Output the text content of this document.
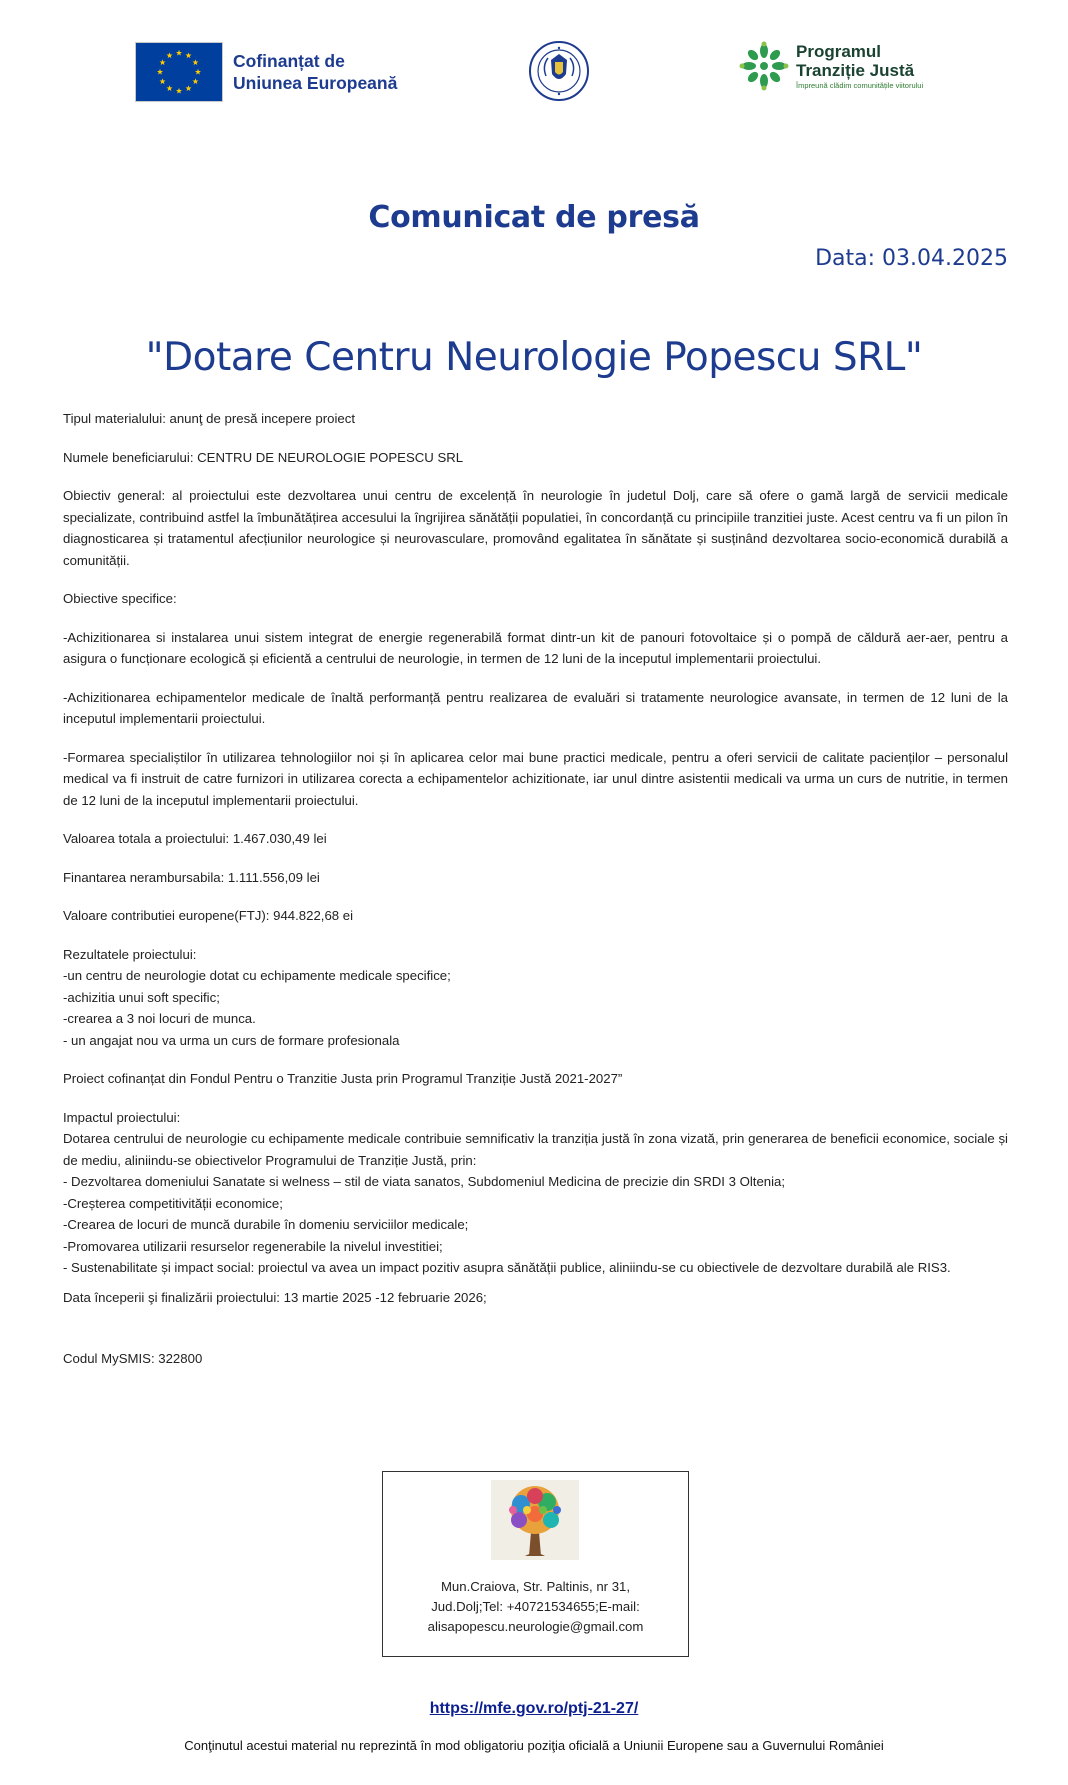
Cofinanțat de
Uniunea Europeană
Programul
Tranziție Justă
Împreună clădim comunitățile viitorului
Comunicat de presă
Data: 03.04.2025
"Dotare Centru Neurologie Popescu SRL"

Tipul materialului: anunţ de presă incepere proiect

Numele beneficiarului: CENTRU DE NEUROLOGIE POPESCU SRL

Obiectiv general: al proiectului este dezvoltarea unui centru de excelență în neurologie în judetul Dolj, care să ofere o gamă largă de servicii medicale specializate, contribuind astfel la îmbunătățirea accesului la îngrijirea sănătății populatiei, în concordanță cu principiile tranzitiei juste. Acest centru va fi un pilon în diagnosticarea și tratamentul afecțiunilor neurologice și neurovasculare, promovând egalitatea în sănătate și susținând dezvoltarea socio-economică durabilă a comunității.

Obiective specifice:

-Achizitionarea si instalarea unui sistem integrat de energie regenerabilă format dintr-un kit de panouri fotovoltaice și o pompă de căldură aer-aer, pentru a asigura o funcționare ecologică și eficientă a centrului de neurologie, in termen de 12 luni de la inceputul implementarii proiectului.

-Achizitionarea echipamentelor medicale de înaltă performanță pentru realizarea de evaluări si tratamente neurologice avansate, in termen de 12 luni de la inceputul implementarii proiectului.

-Formarea specialiștilor în utilizarea tehnologiilor noi și în aplicarea celor mai bune practici medicale, pentru a oferi servicii de calitate pacienților – personalul medical va fi instruit de catre furnizori in utilizarea corecta a echipamentelor achizitionate, iar unul dintre asistentii medicali va urma un curs de nutritie, in termen de 12 luni de la inceputul implementarii proiectului.

Valoarea totala a proiectului: 1.467.030,49 lei

Finantarea nerambursabila: 1.111.556,09 lei

Valoare contributiei europene(FTJ): 944.822,68 ei

Rezultatele proiectului:
-un centru de neurologie dotat cu echipamente medicale specifice;
-achizitia unui soft specific;
-crearea a 3 noi locuri de munca.
- un angajat nou va urma un curs de formare profesionala

Proiect cofinanțat din Fondul Pentru o Tranzitie Justa prin Programul Tranziție Justă 2021-2027”

Impactul proiectului:
Dotarea centrului de neurologie cu echipamente medicale contribuie semnificativ la tranziția justă în zona vizată, prin generarea de beneficii economice, sociale și de mediu, aliniindu-se obiectivelor Programului de Tranziție Justă, prin:
- Dezvoltarea domeniului Sanatate si welness – stil de viata sanatos, Subdomeniul Medicina de precizie din SRDI 3 Oltenia;
-Creșterea competitivității economice;
-Crearea de locuri de muncă durabile în domeniu serviciilor medicale;
-Promovarea utilizarii resurselor regenerabile la nivelul investitiei;
- Sustenabilitate și impact social: proiectul va avea un impact pozitiv asupra sănătății publice, aliniindu-se cu obiectivele de dezvoltare durabilă ale RIS3.

Data începerii şi finalizării proiectului: 13 martie 2025 -12 februarie 2026;

Codul MySMIS: 322800

Mun.Craiova, Str. Paltinis, nr 31,
Jud.Dolj;Tel: +40721534655;E-mail:
alisapopescu.neurologie@gmail.com
https://mfe.gov.ro/ptj-21-27/
Conţinutul acestui material nu reprezintă în mod obligatoriu poziţia oficială a Uniunii Europene sau a Guvernului României
